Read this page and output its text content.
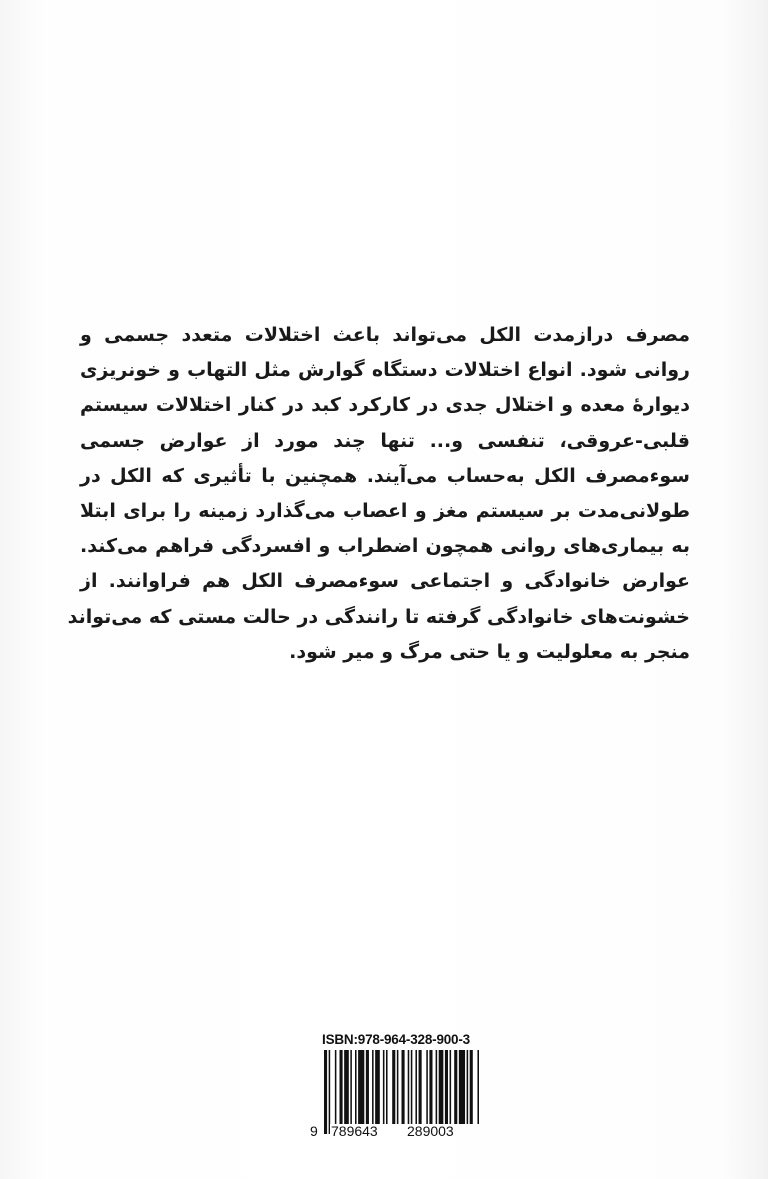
مصرف درازمدت الکل می‌تواند باعث اختلالات متعدد جسمی و
روانی شود. انواع اختلالات دستگاه گوارش مثل التهاب و خونریزی
دیوارهٔ معده و اختلال جدی در کارکرد کبد در کنار اختلالات سیستم
قلبی-عروقی، تنفسی و... تنها چند مورد از عوارض جسمی
سوءمصرف الکل به‌حساب می‌آیند. همچنین با تأثیری که الکل در
طولانی‌مدت بر سیستم مغز و اعصاب می‌گذارد زمینه را برای ابتلا
به بیماری‌های روانی همچون اضطراب و افسردگی فراهم می‌کند.
عوارض خانوادگی و اجتماعی سوءمصرف الکل هم فراوانند. از
خشونت‌های خانوادگی گرفته تا رانندگی در حالت مستی که می‌تواند
منجر به معلولیت و یا حتی مرگ و میر شود.
ISBN:978-964-328-900-3
9 789643 289003
